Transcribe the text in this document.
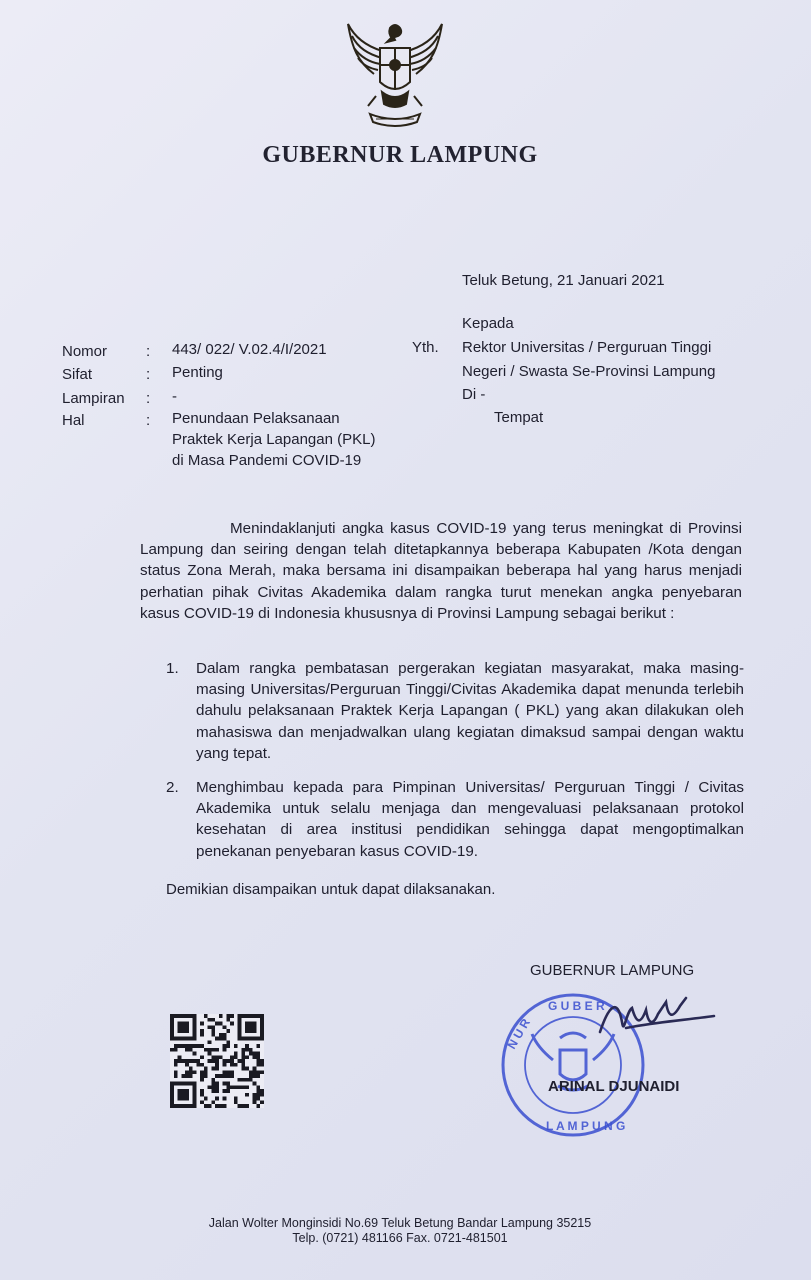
GUBERNUR LAMPUNG
Teluk Betung, 21 Januari 2021
Kepada
Yth. Rektor Universitas / Perguruan Tinggi
Negeri / Swasta Se-Provinsi Lampung
Di -
Tempat
Nomor	: 443/ 022/ V.02.4/I/2021
Sifat	: Penting
Lampiran : -
Hal	: Penundaan Pelaksanaan
Praktek Kerja Lapangan (PKL)
di Masa Pandemi COVID-19

Menindaklanjuti angka kasus COVID-19 yang terus meningkat di Provinsi Lampung dan seiring dengan telah ditetapkannya beberapa Kabupaten /Kota dengan status Zona Merah, maka bersama ini disampaikan beberapa hal yang harus menjadi perhatian pihak Civitas Akademika dalam rangka turut menekan angka penyebaran kasus COVID-19 di Indonesia khususnya di Provinsi Lampung sebagai berikut :

1. Dalam rangka pembatasan pergerakan kegiatan masyarakat, maka masing-masing Universitas/Perguruan Tinggi/Civitas Akademika dapat menunda terlebih dahulu pelaksanaan Praktek Kerja Lapangan ( PKL) yang akan dilakukan oleh mahasiswa dan menjadwalkan ulang kegiatan dimaksud sampai dengan waktu yang tepat.
2. Menghimbau kepada para Pimpinan Universitas/ Perguruan Tinggi / Civitas Akademika untuk selalu menjaga dan mengevaluasi pelaksanaan protokol kesehatan di area institusi pendidikan sehingga dapat mengoptimalkan penekanan penyebaran kasus COVID-19.
Demikian disampaikan untuk dapat dilaksanakan.
GUBERNUR LAMPUNG
G U B E R
N U R
L A M P U N G
ARINAL DJUNAIDI
Jalan Wolter Monginsidi No.69 Teluk Betung Bandar Lampung 35215
Telp. (0721) 481166 Fax. 0721-481501
